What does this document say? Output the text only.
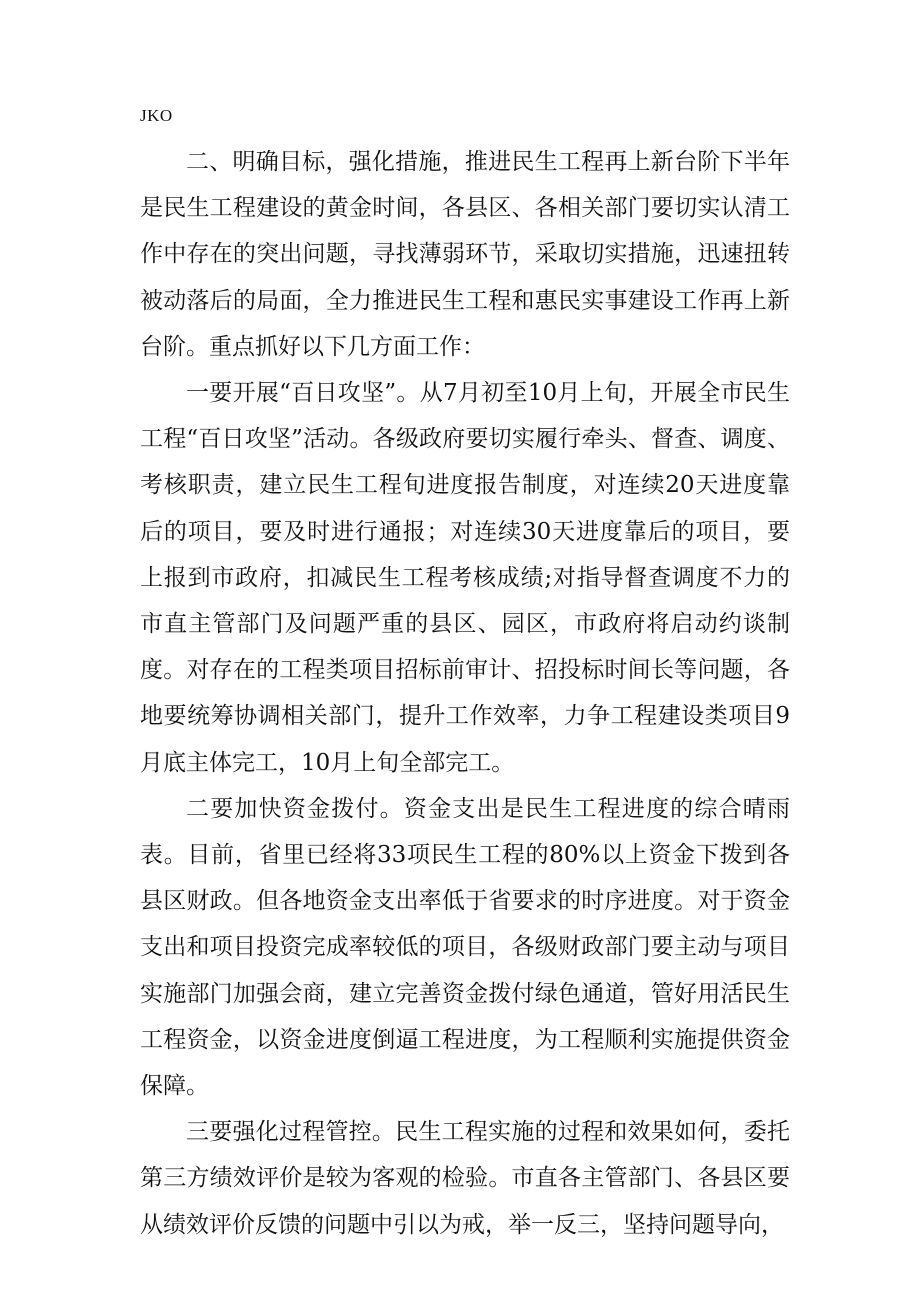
JKO

二、明确目标，强化措施，推进民生工程再上新台阶下半年是民生工程建设的黄金时间，各县区、各相关部门要切实认清工作中存在的突出问题，寻找薄弱环节，采取切实措施，迅速扭转被动落后的局面，全力推进民生工程和惠民实事建设工作再上新台阶。重点抓好以下几方面工作：

一要开展“百日攻坚”。从7月初至10月上旬，开展全市民生工程“百日攻坚”活动。各级政府要切实履行牵头、督查、调度、考核职责，建立民生工程旬进度报告制度，对连续20天进度靠后的项目，要及时进行通报；对连续30天进度靠后的项目，要上报到市政府，扣减民生工程考核成绩;对指导督查调度不力的市直主管部门及问题严重的县区、园区，市政府将启动约谈制度。对存在的工程类项目招标前审计、招投标时间长等问题，各地要统筹协调相关部门，提升工作效率，力争工程建设类项目9月底主体完工，10月上旬全部完工。

二要加快资金拨付。资金支出是民生工程进度的综合晴雨表。目前，省里已经将33项民生工程的80%以上资金下拨到各县区财政。但各地资金支出率低于省要求的时序进度。对于资金支出和项目投资完成率较低的项目，各级财政部门要主动与项目实施部门加强会商，建立完善资金拨付绿色通道，管好用活民生工程资金，以资金进度倒逼工程进度，为工程顺利实施提供资金保障。

三要强化过程管控。民生工程实施的过程和效果如何，委托第三方绩效评价是较为客观的检验。市直各主管部门、各县区要从绩效评价反馈的问题中引以为戒，举一反三，坚持问题导向，
